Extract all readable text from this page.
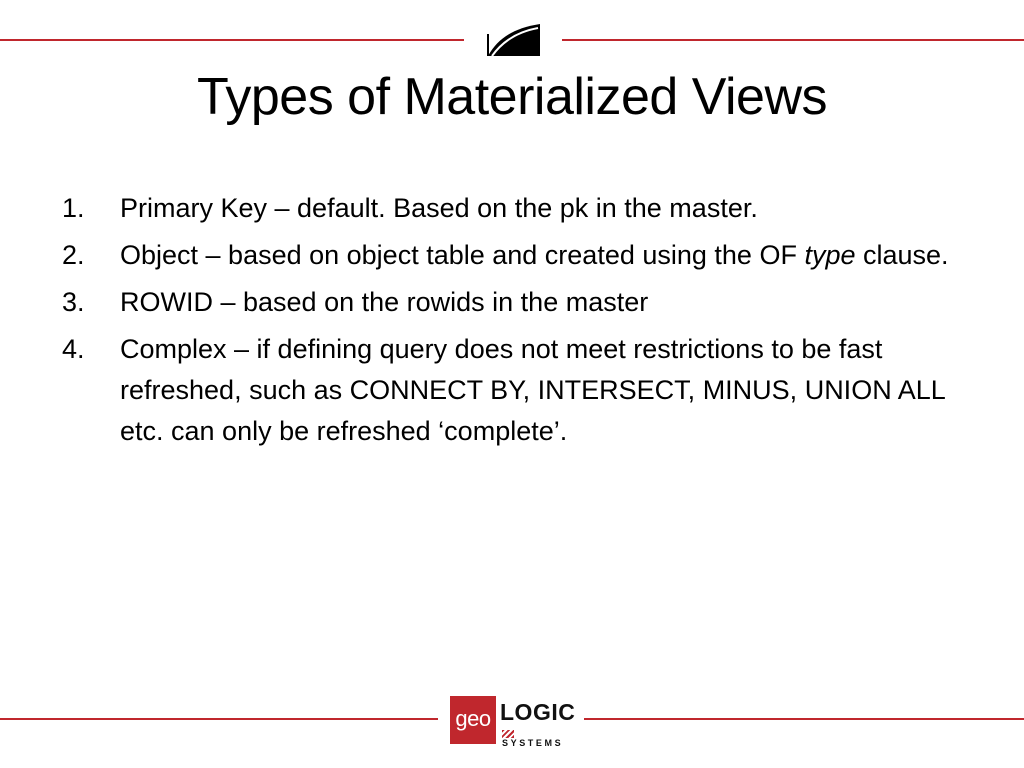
Types of Materialized Views
1.	Primary Key – default. Based on the pk in the master.
2.	Object – based on object table and created using the OF type clause.
3.	ROWID – based on the rowids in the master
4.	Complex – if defining query does not meet restrictions to be fast refreshed, such as CONNECT BY, INTERSECT, MINUS, UNION ALL etc. can only be refreshed ‘complete’.
geo LOGIC
SYSTEMS
